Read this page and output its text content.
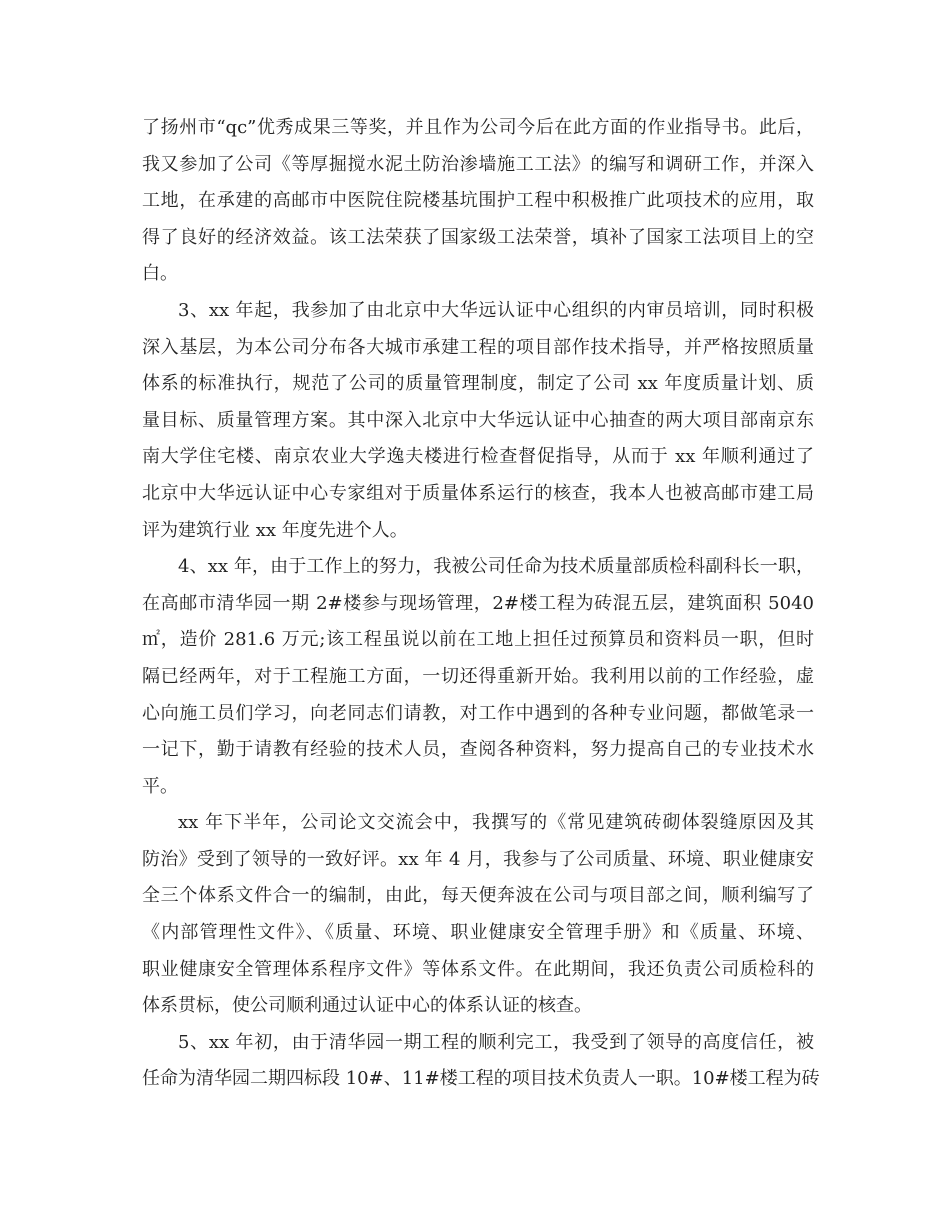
了扬州市“qc”优秀成果三等奖，并且作为公司今后在此方面的作业指导书。此后，
我又参加了公司《等厚掘搅水泥土防治渗墙施工工法》的编写和调研工作，并深入
工地，在承建的高邮市中医院住院楼基坑围护工程中积极推广此项技术的应用，取
得了良好的经济效益。该工法荣获了国家级工法荣誉，填补了国家工法项目上的空
白。
3、xx 年起，我参加了由北京中大华远认证中心组织的内审员培训，同时积极
深入基层，为本公司分布各大城市承建工程的项目部作技术指导，并严格按照质量
体系的标准执行，规范了公司的质量管理制度，制定了公司 xx 年度质量计划、质
量目标、质量管理方案。其中深入北京中大华远认证中心抽查的两大项目部南京东
南大学住宅楼、南京农业大学逸夫楼进行检查督促指导，从而于 xx 年顺利通过了
北京中大华远认证中心专家组对于质量体系运行的核查，我本人也被高邮市建工局
评为建筑行业 xx 年度先进个人。
4、xx 年，由于工作上的努力，我被公司任命为技术质量部质检科副科长一职，
在高邮市清华园一期 2#楼参与现场管理，2#楼工程为砖混五层，建筑面积 5040
㎡，造价 281.6 万元;该工程虽说以前在工地上担任过预算员和资料员一职，但时
隔已经两年，对于工程施工方面，一切还得重新开始。我利用以前的工作经验，虚
心向施工员们学习，向老同志们请教，对工作中遇到的各种专业问题，都做笔录一
一记下，勤于请教有经验的技术人员，查阅各种资料，努力提高自己的专业技术水
平。
xx 年下半年，公司论文交流会中，我撰写的《常见建筑砖砌体裂缝原因及其
防治》受到了领导的一致好评。xx 年 4 月，我参与了公司质量、环境、职业健康安
全三个体系文件合一的编制，由此，每天便奔波在公司与项目部之间，顺利编写了
《内部管理性文件》、《质量、环境、职业健康安全管理手册》和《质量、环境、
职业健康安全管理体系程序文件》等体系文件。在此期间，我还负责公司质检科的
体系贯标，使公司顺利通过认证中心的体系认证的核查。
5、xx 年初，由于清华园一期工程的顺利完工，我受到了领导的高度信任，被
任命为清华园二期四标段 10#、11#楼工程的项目技术负责人一职。10#楼工程为砖
